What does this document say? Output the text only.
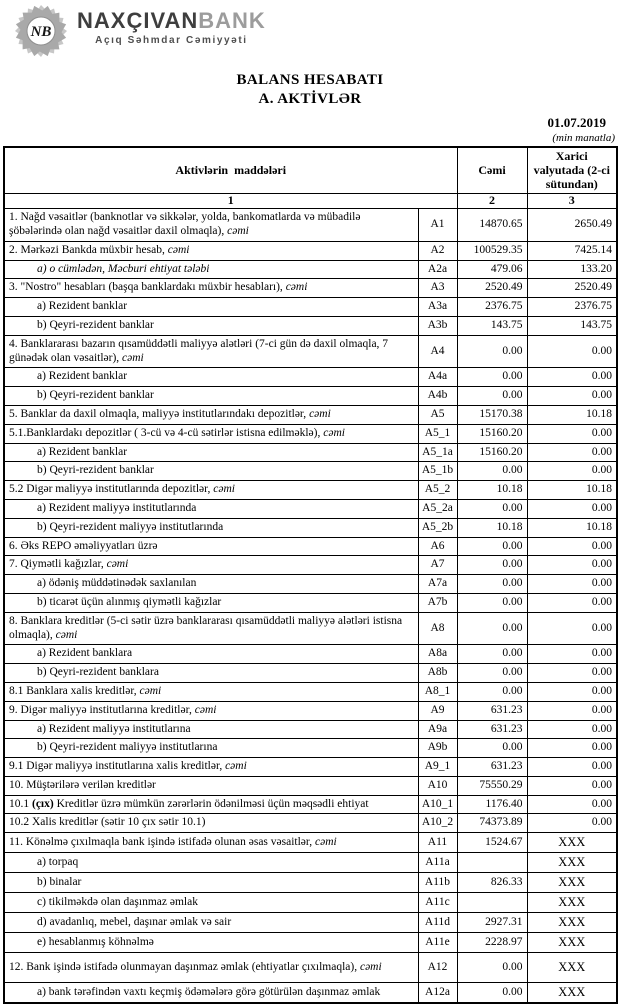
NB NAXÇIVANBANK
Açıq Səhmdar Cəmiyyəti
BALANS HESABATI
A. AKTİVLƏR
01.07.2019
(min manatla)
Aktivlərin  maddələri		Cəmi	Xarici valyutada (2-ci sütundan)
1		2	3
1. Nağd vəsaitlər (banknotlar və sikkələr, yolda, bankomatlarda və mübadilə şöbələrində olan nağd vəsaitlər daxil olmaqla), cəmi	A1	14870.65	2650.49
2. Mərkəzi Bankda müxbir hesab, cəmi	A2	100529.35	7425.14
a) o cümlədən, Məcburi ehtiyat tələbi	A2a	479.06	133.20
3. "Nostro" hesabları (başqa banklardakı müxbir hesabları), cəmi	A3	2520.49	2520.49
a) Rezident banklar	A3a	2376.75	2376.75
b) Qeyri-rezident banklar	A3b	143.75	143.75
4. Banklararası bazarın qısamüddətli maliyyə alətləri (7-ci gün də daxil olmaqla, 7 günədək olan vəsaitlər), cəmi	A4	0.00	0.00
a) Rezident banklar	A4a	0.00	0.00
b) Qeyri-rezident banklar	A4b	0.00	0.00
5. Banklar da daxil olmaqla, maliyyə institutlarındakı depozitlər, cəmi	A5	15170.38	10.18
5.1.Banklardakı depozitlər ( 3-cü və 4-cü sətirlər istisna edilməklə), cəmi	A5_1	15160.20	0.00
a) Rezident banklar	A5_1a	15160.20	0.00
b) Qeyri-rezident banklar	A5_1b	0.00	0.00
5.2 Digər maliyyə institutlarında depozitlər, cəmi	A5_2	10.18	10.18
a) Rezident maliyyə institutlarında	A5_2a	0.00	0.00
b) Qeyri-rezident maliyyə institutlarında	A5_2b	10.18	10.18
6. Əks REPO əməliyyatları üzrə	A6	0.00	0.00
7. Qiymətli kağızlar, cəmi	A7	0.00	0.00
a) ödəniş müddətinədək saxlanılan	A7a	0.00	0.00
b) ticarət üçün alınmış qiymətli kağızlar	A7b	0.00	0.00
8. Banklara kreditlər (5-ci sətir üzrə banklararası qısamüddətli maliyyə alətləri istisna olmaqla), cəmi	A8	0.00	0.00
a) Rezident banklara	A8a	0.00	0.00
b) Qeyri-rezident banklara	A8b	0.00	0.00
8.1 Banklara xalis kreditlər, cəmi	A8_1	0.00	0.00
9. Digər maliyyə institutlarına kreditlər, cəmi	A9	631.23	0.00
a) Rezident maliyyə institutlarına	A9a	631.23	0.00
b) Qeyri-rezident maliyyə institutlarına	A9b	0.00	0.00
9.1 Digər maliyyə institutlarına xalis kreditlər, cəmi	A9_1	631.23	0.00
10. Müştərilərə verilən kreditlər	A10	75550.29	0.00
10.1 (çıx) Kreditlər üzrə mümkün zərərlərin ödənilməsi üçün məqsədli ehtiyat	A10_1	1176.40	0.00
10.2 Xalis kreditlər (sətir 10 çıx sətir 10.1)	A10_2	74373.89	0.00
11. Könəlmə çıxılmaqla bank işində istifadə olunan əsas vəsaitlər, cəmi	A11	1524.67	XXX
a) torpaq	A11a		XXX
b) binalar	A11b	826.33	XXX
c) tikilməkdə olan daşınmaz əmlak	A11c		XXX
d) avadanlıq, mebel, daşınar əmlak və sair	A11d	2927.31	XXX
e) hesablanmış köhnəlmə	A11e	2228.97	XXX
12. Bank işində istifadə olunmayan daşınmaz əmlak (ehtiyatlar çıxılmaqla), cəmi	A12	0.00	XXX
a) bank tərəfindən vaxtı keçmiş ödəmələrə görə götürülən daşınmaz əmlak	A12a	0.00	XXX
